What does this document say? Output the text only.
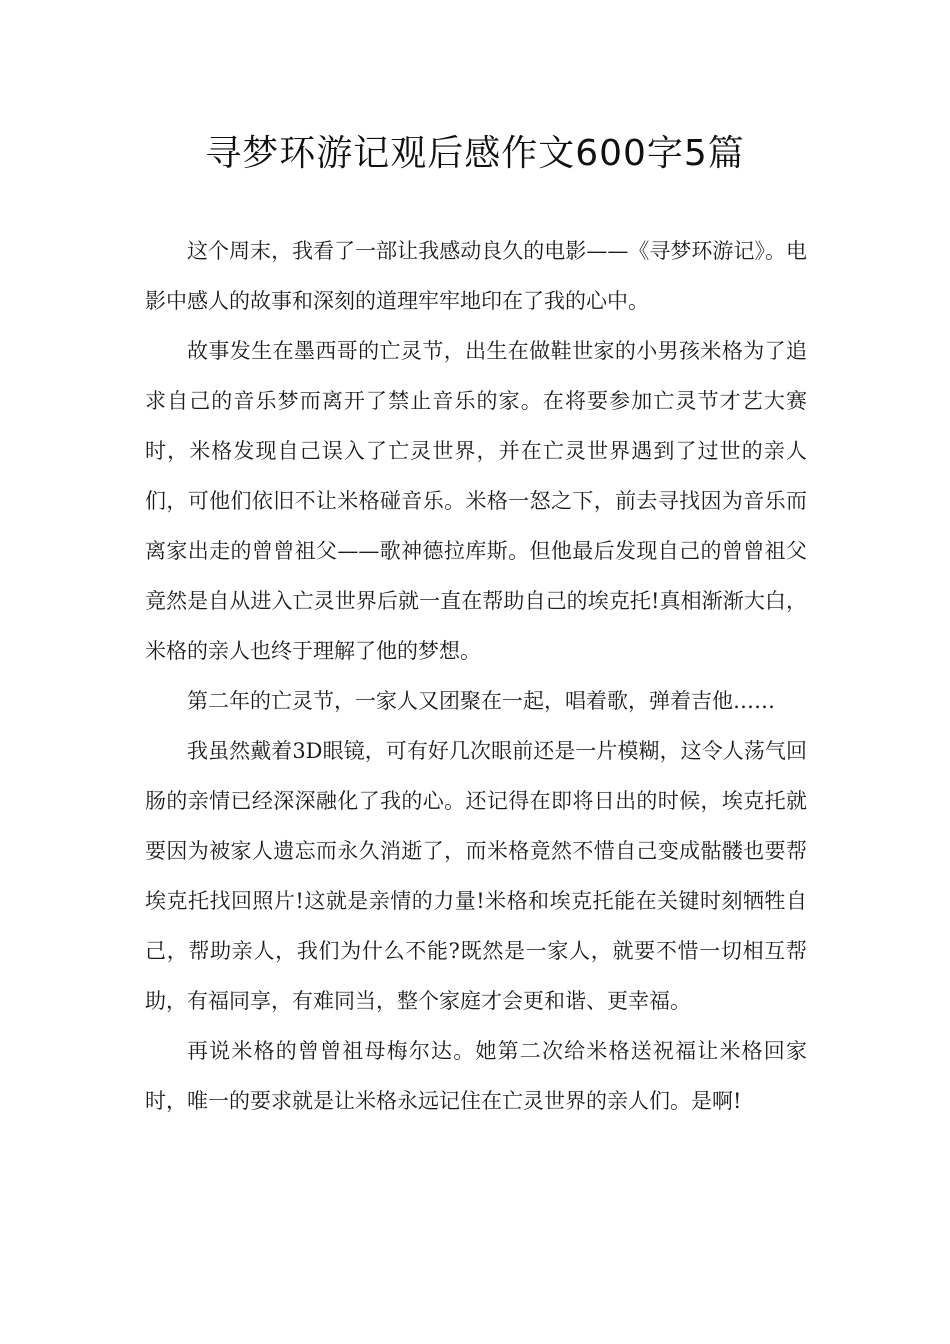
寻梦环游记观后感作文600字5篇

这个周末，我看了一部让我感动良久的电影——《寻梦环游记》。电影中感人的故事和深刻的道理牢牢地印在了我的心中。

故事发生在墨西哥的亡灵节，出生在做鞋世家的小男孩米格为了追求自己的音乐梦而离开了禁止音乐的家。在将要参加亡灵节才艺大赛时，米格发现自己误入了亡灵世界，并在亡灵世界遇到了过世的亲人们，可他们依旧不让米格碰音乐。米格一怒之下，前去寻找因为音乐而离家出走的曾曾祖父——歌神德拉库斯。但他最后发现自己的曾曾祖父竟然是自从进入亡灵世界后就一直在帮助自己的埃克托!真相渐渐大白，米格的亲人也终于理解了他的梦想。

第二年的亡灵节，一家人又团聚在一起，唱着歌，弹着吉他……

我虽然戴着3D眼镜，可有好几次眼前还是一片模糊，这令人荡气回肠的亲情已经深深融化了我的心。还记得在即将日出的时候，埃克托就要因为被家人遗忘而永久消逝了，而米格竟然不惜自己变成骷髅也要帮埃克托找回照片!这就是亲情的力量!米格和埃克托能在关键时刻牺牲自己，帮助亲人，我们为什么不能?既然是一家人，就要不惜一切相互帮助，有福同享，有难同当，整个家庭才会更和谐、更幸福。

再说米格的曾曾祖母梅尔达。她第二次给米格送祝福让米格回家时，唯一的要求就是让米格永远记住在亡灵世界的亲人们。是啊!
